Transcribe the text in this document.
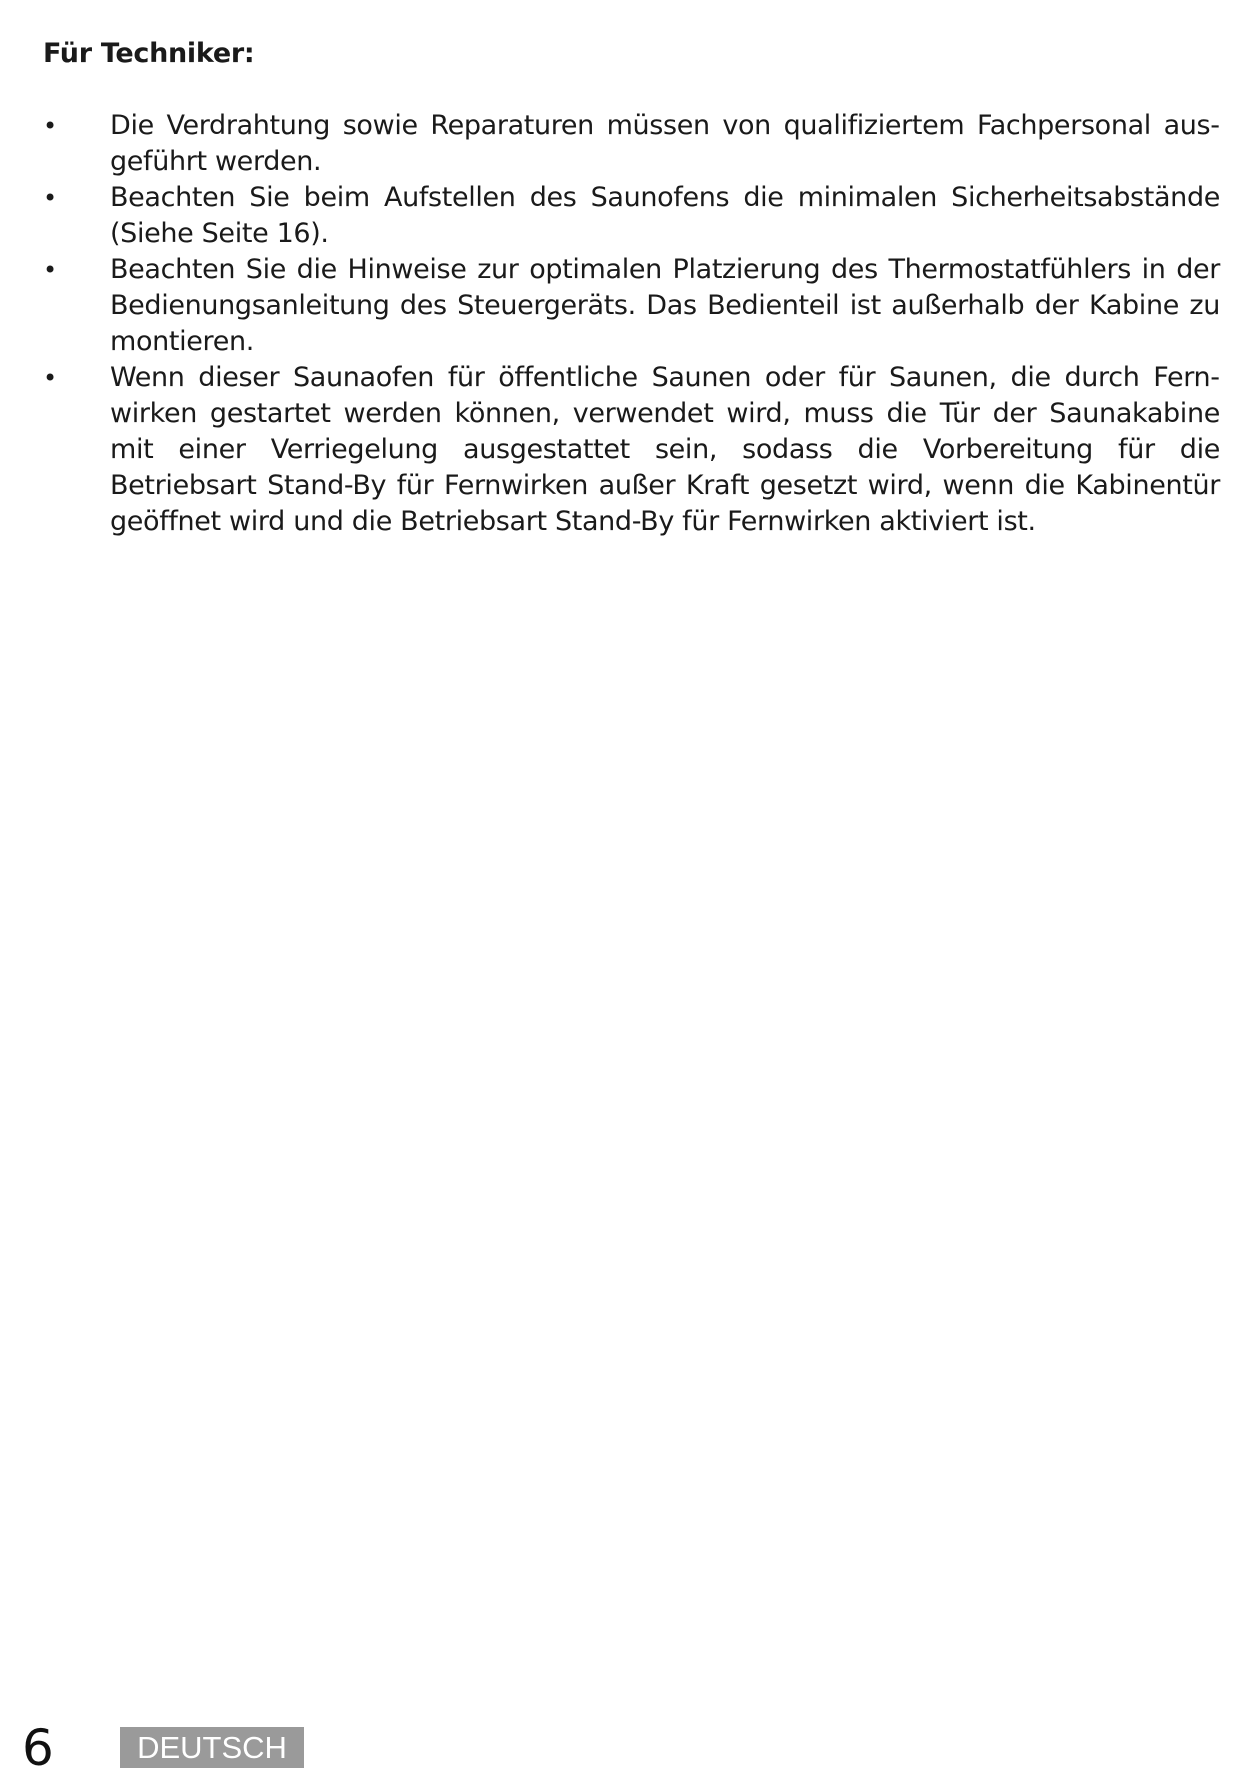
Für Techniker:
• Die Verdrahtung sowie Reparaturen müssen von qualifiziertem Fachpersonal ausgeführt werden.
• Beachten Sie beim Aufstellen des Saunofens die minimalen Sicherheitsabstände (Siehe Seite 16).
• Beachten Sie die Hinweise zur optimalen Platzierung des Thermostatfühlers in der Bedienungsanleitung des Steuergeräts. Das Bedienteil ist außerhalb der Kabine zu montieren.
• Wenn dieser Saunaofen für öffentliche Saunen oder für Saunen, die durch Fernwirken gestartet werden können, verwendet wird, muss die Tür der Saunakabine mit einer Verriegelung ausgestattet sein, sodass die Vorbereitung für die Betriebsart Stand-By für Fernwirken außer Kraft gesetzt wird, wenn die Kabinentür geöffnet wird und die Betriebsart Stand-By für Fernwirken aktiviert ist.
6	DEUTSCH
